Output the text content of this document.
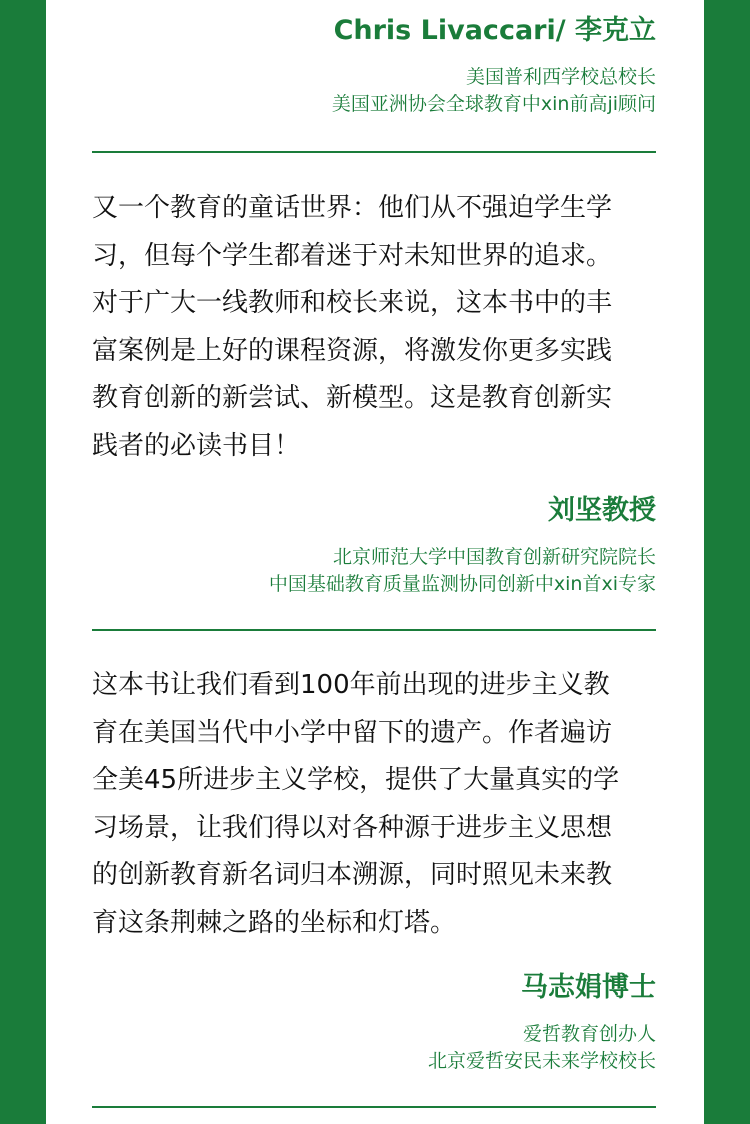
Chris Livaccari/ 李克立
美国普利西学校总校长
美国亚洲协会全球教育中xin前高ji顾问
又一个教育的童话世界：他们从不强迫学生学
习，但每个学生都着迷于对未知世界的追求。
对于广大一线教师和校长来说，这本书中的丰
富案例是上好的课程资源，将激发你更多实践
教育创新的新尝试、新模型。这是教育创新实
践者的必读书目！
刘坚教授
北京师范大学中国教育创新研究院院长
中国基础教育质量监测协同创新中xin首xi专家
这本书让我们看到100年前出现的进步主义教
育在美国当代中小学中留下的遗产。作者遍访
全美45所进步主义学校，提供了大量真实的学
习场景，让我们得以对各种源于进步主义思想
的创新教育新名词归本溯源，同时照见未来教
育这条荆棘之路的坐标和灯塔。
马志娟博士
爱哲教育创办人
北京爱哲安民未来学校校长
